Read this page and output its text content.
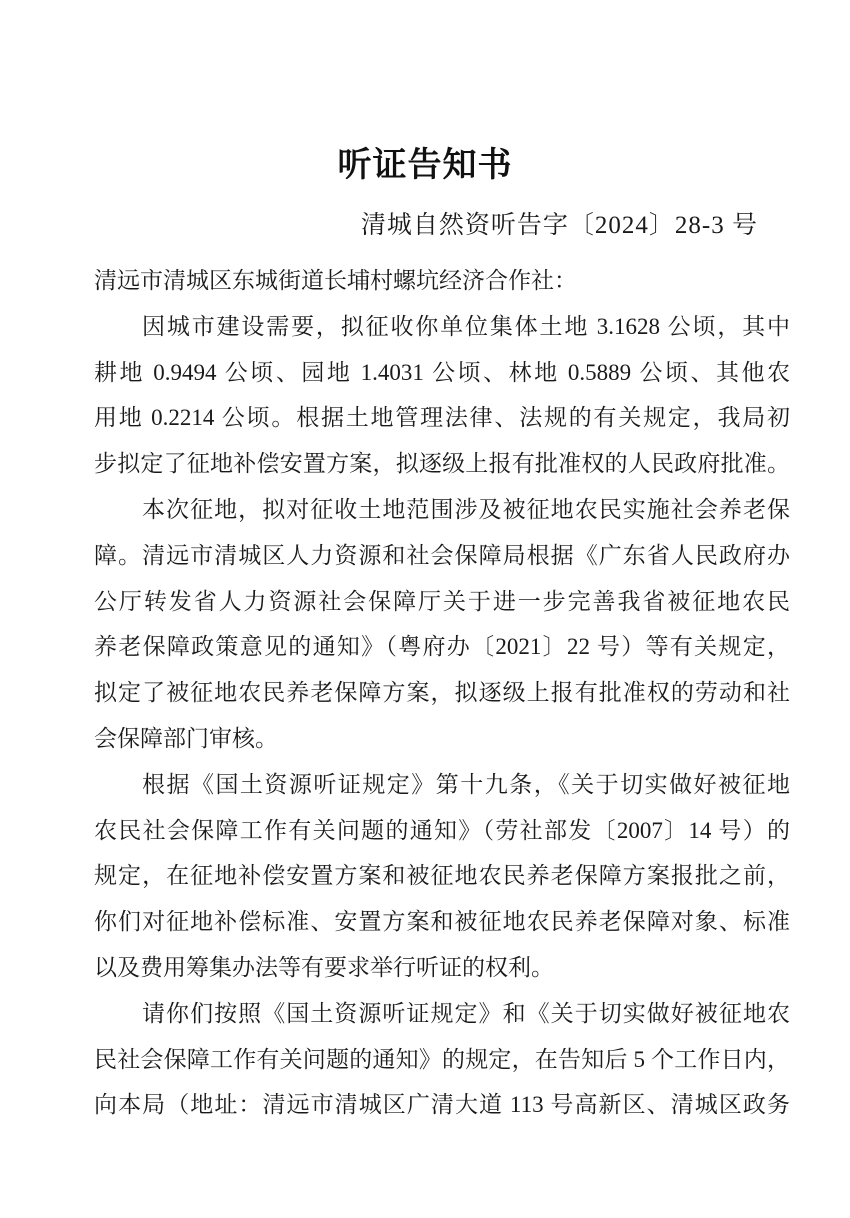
听证告知书
清城自然资听告字〔2024〕28-3 号
清远市清城区东城街道长埔村螺坑经济合作社：
因城市建设需要，拟征收你单位集体土地 3.1628 公顷，其中
耕地 0.9494 公顷、园地 1.4031 公顷、林地 0.5889 公顷、其他农
用地 0.2214 公顷。根据土地管理法律、法规的有关规定，我局初
步拟定了征地补偿安置方案，拟逐级上报有批准权的人民政府批准。
本次征地，拟对征收土地范围涉及被征地农民实施社会养老保
障。清远市清城区人力资源和社会保障局根据《广东省人民政府办
公厅转发省人力资源社会保障厅关于进一步完善我省被征地农民
养老保障政策意见的通知》（粤府办〔2021〕22 号）等有关规定，
拟定了被征地农民养老保障方案，拟逐级上报有批准权的劳动和社
会保障部门审核。
根据《国土资源听证规定》第十九条，《关于切实做好被征地
农民社会保障工作有关问题的通知》（劳社部发〔2007〕14 号）的
规定，在征地补偿安置方案和被征地农民养老保障方案报批之前，
你们对征地补偿标准、安置方案和被征地农民养老保障对象、标准
以及费用筹集办法等有要求举行听证的权利。
请你们按照《国土资源听证规定》和《关于切实做好被征地农
民社会保障工作有关问题的通知》的规定，在告知后 5 个工作日内，
向本局（地址：清远市清城区广清大道 113 号高新区、清城区政务
